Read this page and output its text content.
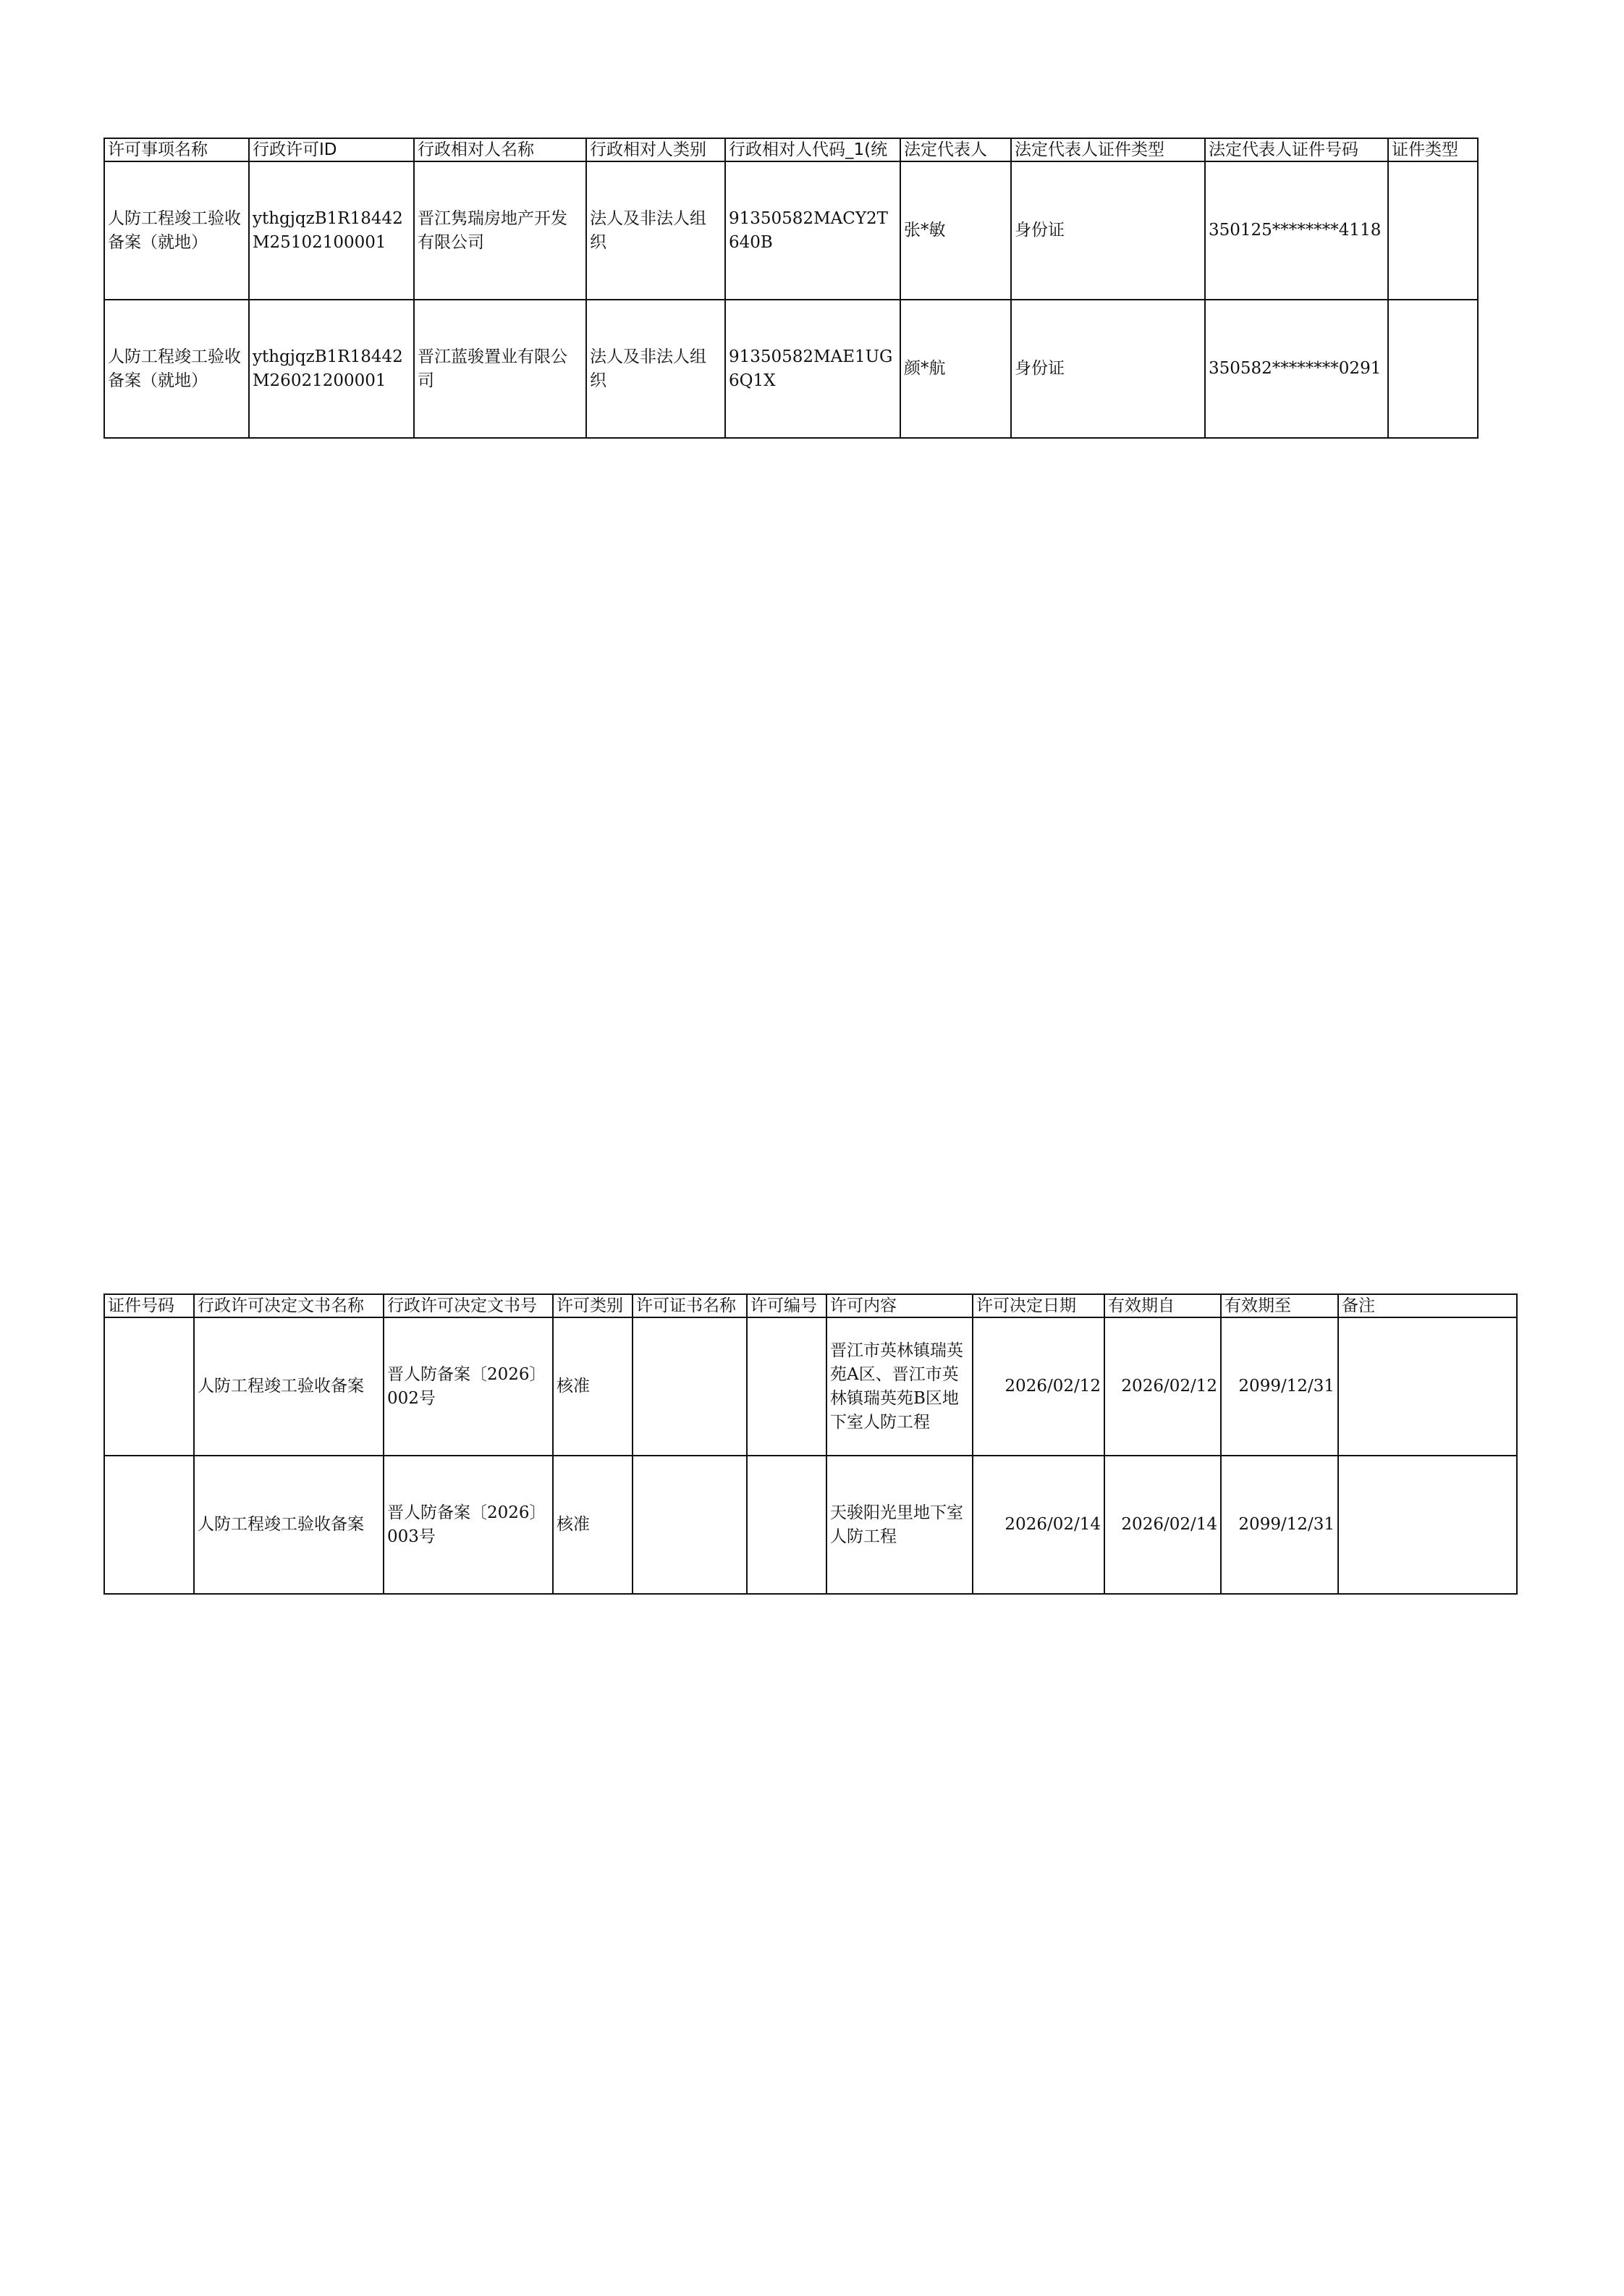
许可事项名称	行政许可ID	行政相对人名称	行政相对人类别	行政相对人代码_1(统	法定代表人	法定代表人证件类型	法定代表人证件号码	证件类型
人防工程竣工验收备案（就地）	ythgjqzB1R18442M25102100001	晋江隽瑞房地产开发有限公司	法人及非法人组织	91350582MACY2T640B	张*敏	身份证	350125********4118	
人防工程竣工验收备案（就地）	ythgjqzB1R18442M26021200001	晋江蓝骏置业有限公司	法人及非法人组织	91350582MAE1UG6Q1X	颜*航	身份证	350582********0291	
证件号码	行政许可决定文书名称	行政许可决定文书号	许可类别	许可证书名称	许可编号	许可内容	许可决定日期	有效期自	有效期至	备注
	人防工程竣工验收备案	晋人防备案〔2026〕002号	核准			晋江市英林镇瑞英苑A区、晋江市英林镇瑞英苑B区地下室人防工程	2026/02/12	2026/02/12	2099/12/31	
	人防工程竣工验收备案	晋人防备案〔2026〕003号	核准			天骏阳光里地下室人防工程	2026/02/14	2026/02/14	2099/12/31	
